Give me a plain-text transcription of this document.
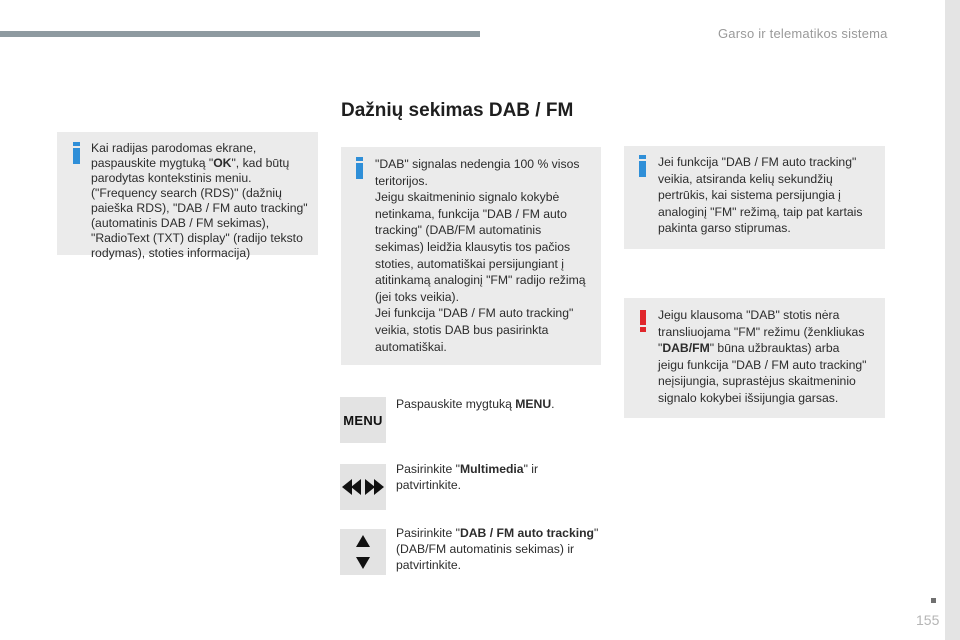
Garso ir telematikos sistema
Dažnių sekimas DAB / FM

Kai radijas parodomas ekrane,

paspauskite mygtuką "OK", kad būtų

parodytas kontekstinis meniu.

("Frequency search (RDS)" (dažnių

paieška RDS), "DAB / FM auto tracking"

(automatinis DAB / FM sekimas),

"RadioText (TXT) display" (radijo teksto

rodymas), stoties informacija)

"DAB" signalas nedengia 100 % visos

teritorijos.

Jeigu skaitmeninio signalo kokybė

netinkama, funkcija "DAB / FM auto

tracking" (DAB/FM automatinis

sekimas) leidžia klausytis tos pačios

stoties, automatiškai persijungiant į

atitinkamą analoginį "FM" radijo režimą

(jei toks veikia).

Jei funkcija "DAB / FM auto tracking"

veikia, stotis DAB bus pasirinkta

automatiškai.

Jei funkcija "DAB / FM auto tracking"

veikia, atsiranda kelių sekundžių

pertrūkis, kai sistema persijungia į

analoginį "FM" režimą, taip pat kartais

pakinta garso stiprumas.

Jeigu klausoma "DAB" stotis nėra

transliuojama "FM" režimu (ženkliukas

"DAB/FM" būna užbrauktas) arba

jeigu funkcija "DAB / FM auto tracking"

neįsijungia, suprastėjus skaitmeninio

signalo kokybei išsijungia garsas.

MENU
Paspauskite mygtuką MENU.
Pasirinkite "Multimedia" ir
patvirtinkite.
Pasirinkite "DAB / FM auto tracking"
(DAB/FM automatinis sekimas) ir
patvirtinkite.
155
